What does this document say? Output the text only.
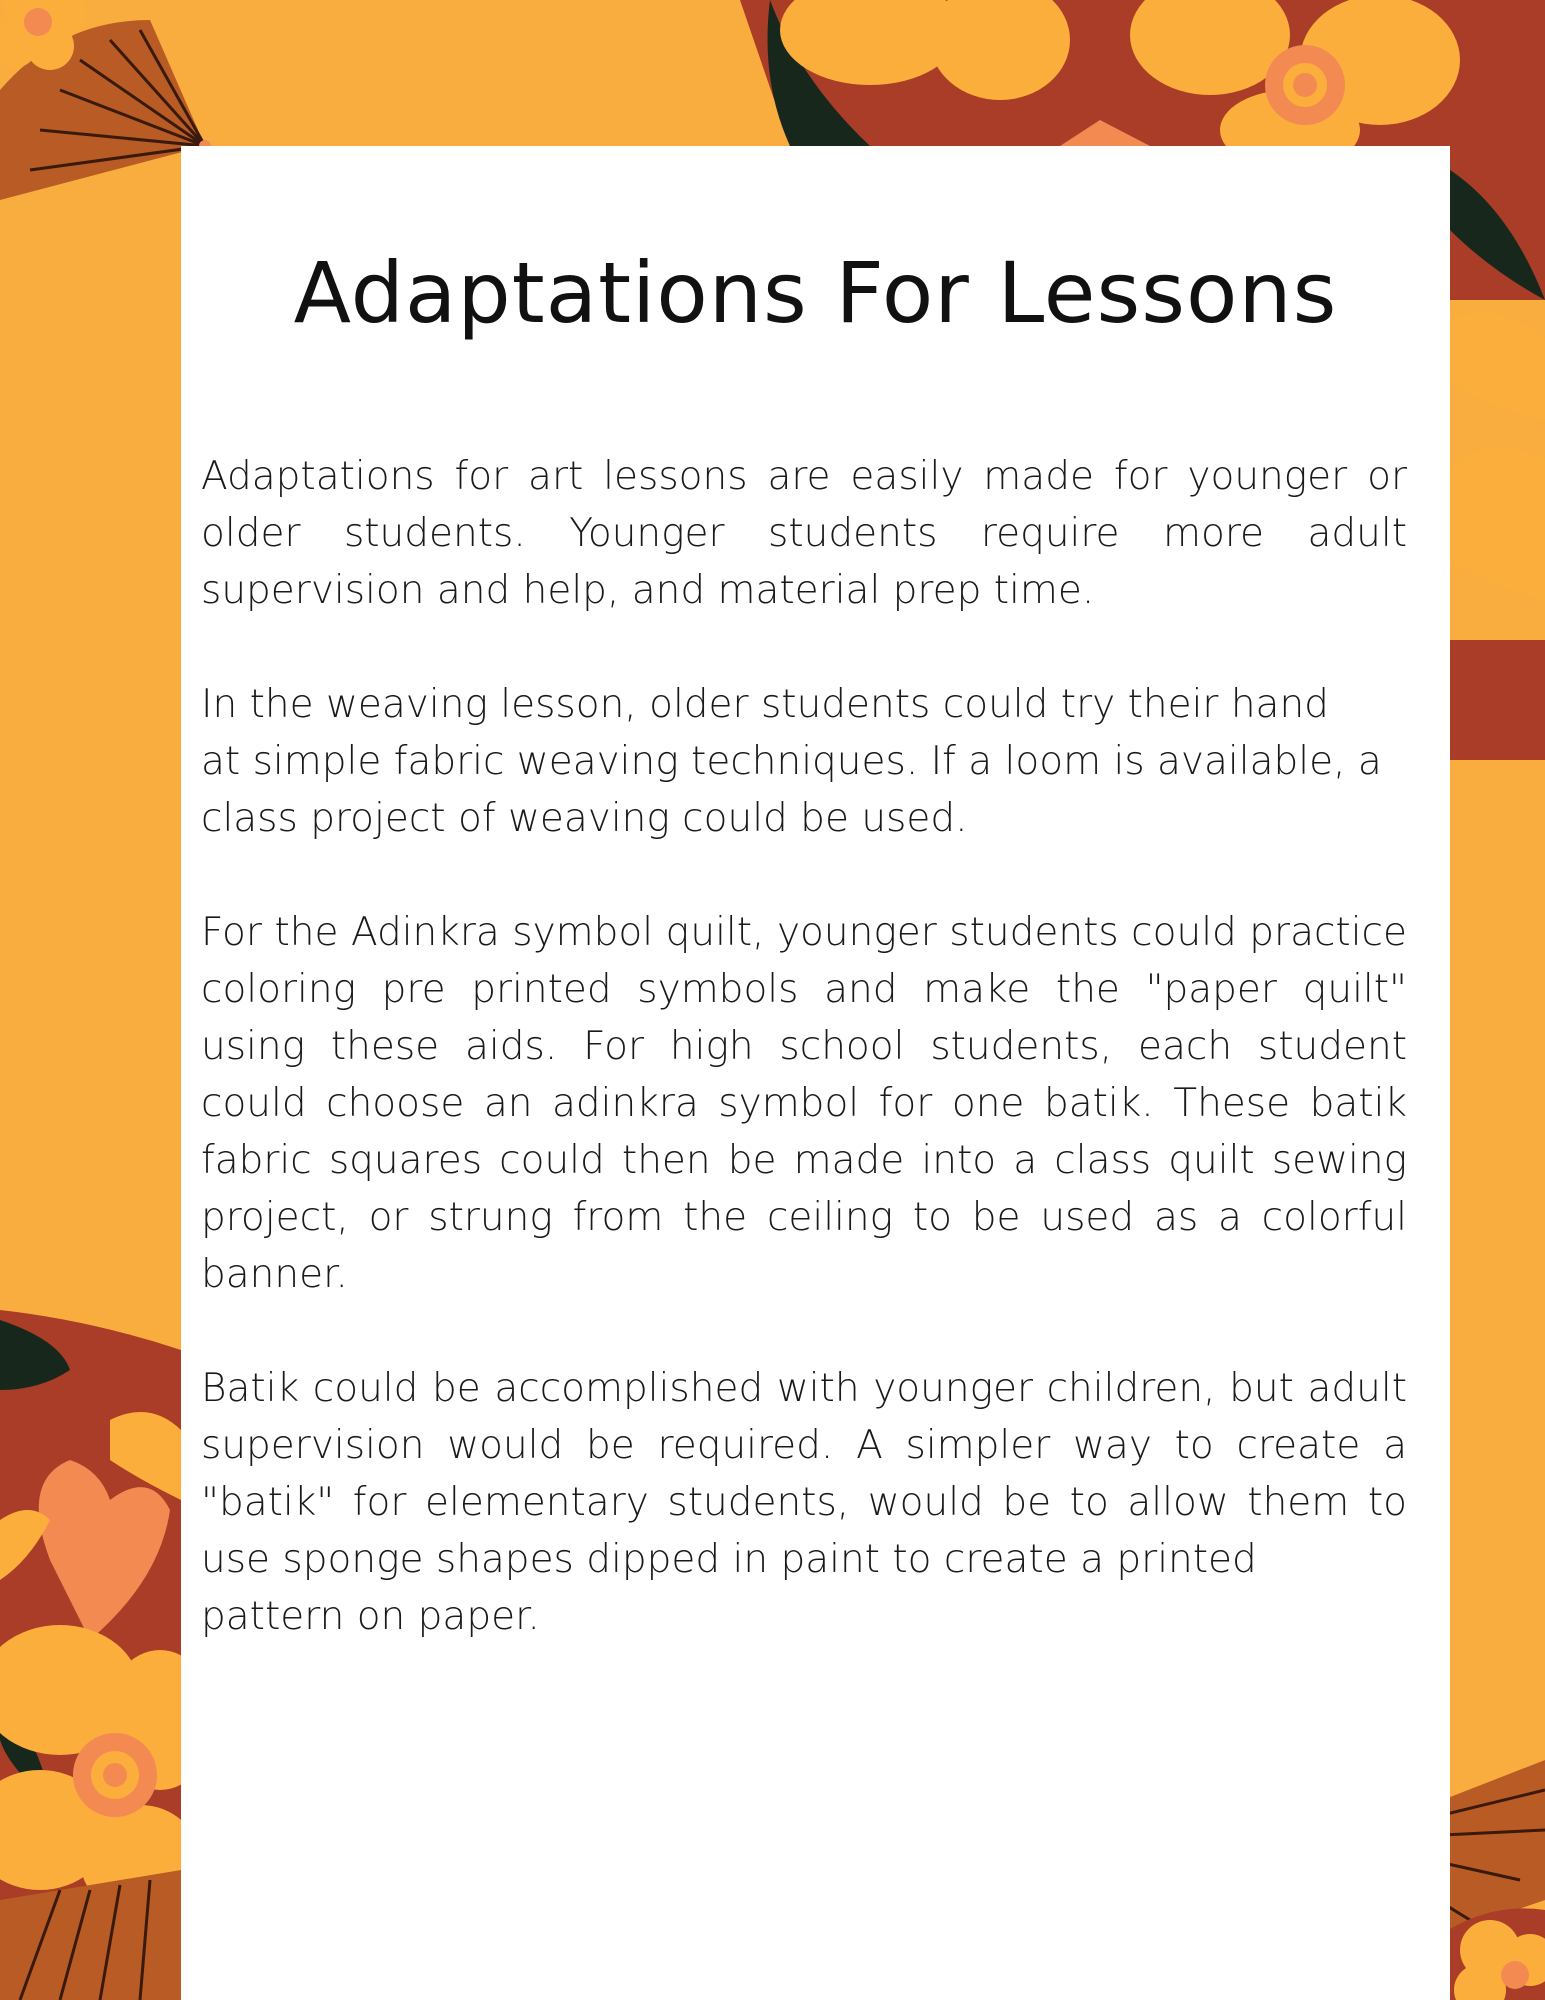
Adaptations For Lessons

Adaptations for art lessons are easily made for younger or older students. Younger students require more adult supervision and help, and material prep time.

In the weaving lesson, older students could try their hand
at simple fabric weaving techniques. If a loom is available, a class project of weaving could be used.

For the Adinkra symbol quilt, younger students could practice coloring pre printed symbols and make the "paper quilt" using these aids. For high school students, each student could choose an adinkra symbol for one batik. These batik fabric squares could then be made into a class quilt sewing project, or strung from the ceiling to be used as a colorful banner.

Batik could be accomplished with younger children, but adult supervision would be required. A simpler way to create a "batik" for elementary students, would be to allow them to use sponge shapes dipped in paint to create a printed
pattern on paper.
